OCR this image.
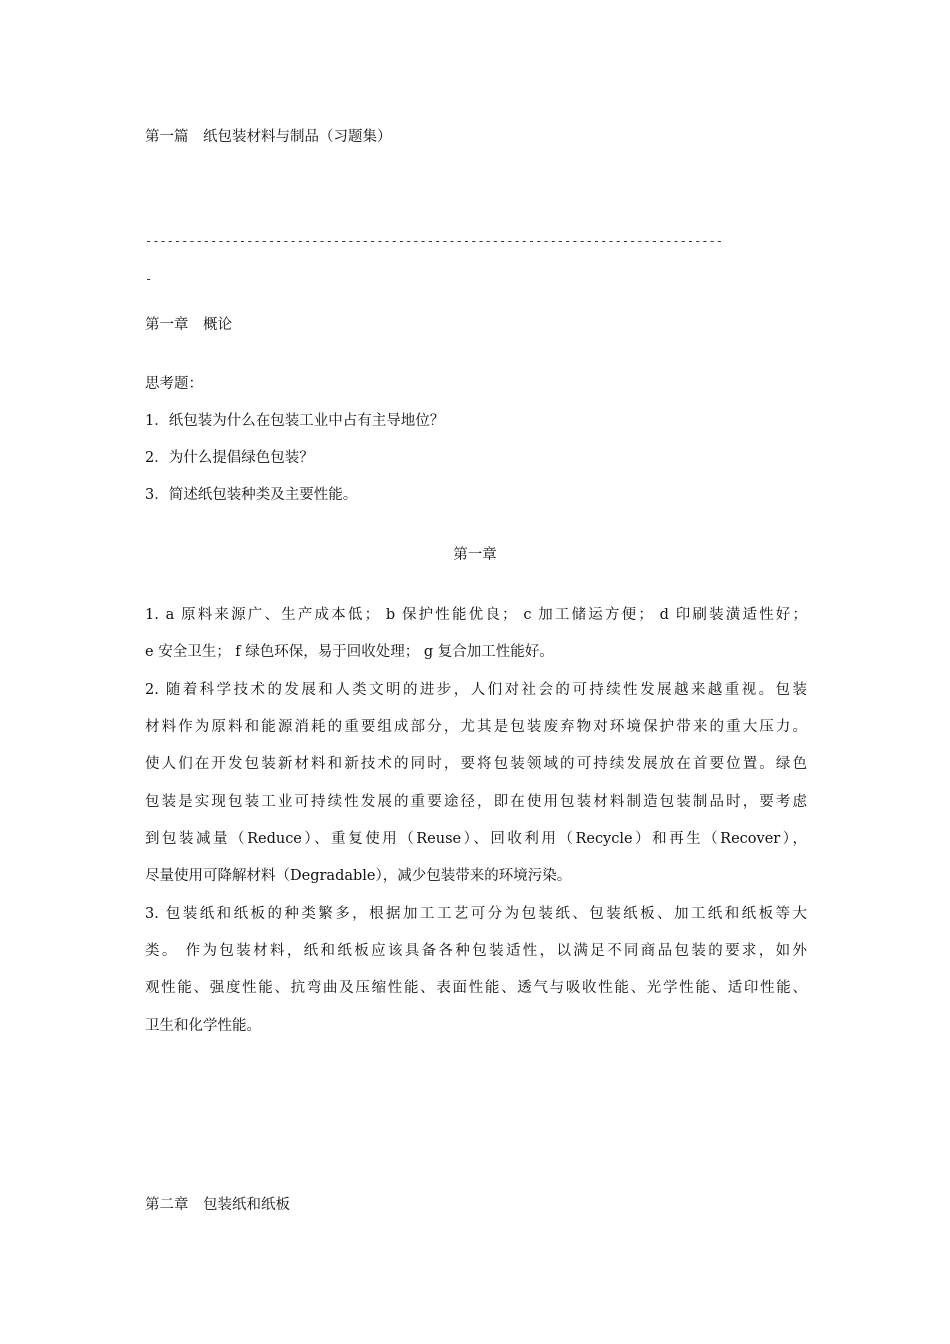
第一篇　纸包装材料与制品（习题集）
--------------------------------------------------------------------------------
-
第一章　概论
思考题：
1．纸包装为什么在包装工业中占有主导地位？
2．为什么提倡绿色包装？
3．简述纸包装种类及主要性能。
第一章
1. a 原料来源广、生产成本低； b 保护性能优良； c 加工储运方便； d 印刷装潢适性好；
e 安全卫生； f 绿色环保，易于回收处理； g 复合加工性能好。
2. 随着科学技术的发展和人类文明的进步，人们对社会的可持续性发展越来越重视。包装
材料作为原料和能源消耗的重要组成部分，尤其是包装废弃物对环境保护带来的重大压力。
使人们在开发包装新材料和新技术的同时，要将包装领域的可持续发展放在首要位置。绿色
包装是实现包装工业可持续性发展的重要途径，即在使用包装材料制造包装制品时，要考虑
到包装减量（Reduce）、重复使用（Reuse）、回收利用（Recycle）和再生（Recover），
尽量使用可降解材料（Degradable），减少包装带来的环境污染。
3. 包装纸和纸板的种类繁多，根据加工工艺可分为包装纸、包装纸板、加工纸和纸板等大
类。 作为包装材料，纸和纸板应该具备各种包装适性，以满足不同商品包装的要求，如外
观性能、强度性能、抗弯曲及压缩性能、表面性能、透气与吸收性能、光学性能、适印性能、
卫生和化学性能。
第二章　包装纸和纸板
